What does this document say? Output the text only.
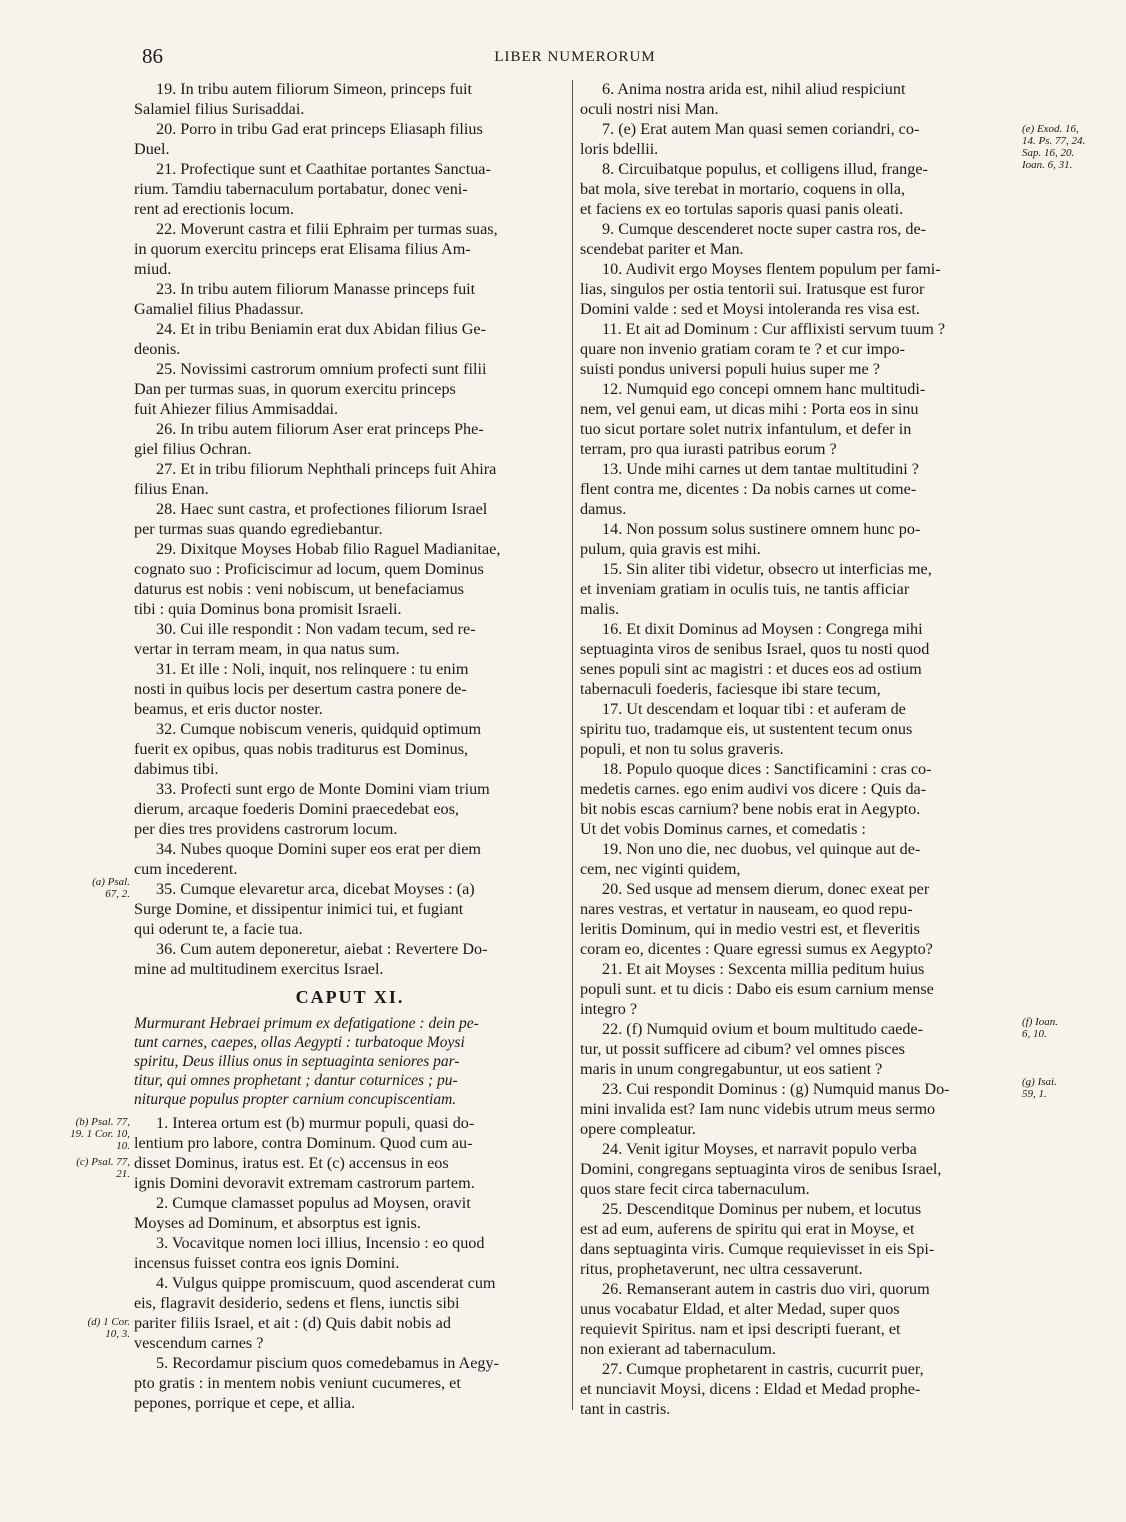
86	LIBER NUMERORUM

19. In tribu autem filiorum Simeon, princeps fuit
Salamiel filius Surisaddai.

20. Porro in tribu Gad erat princeps Eliasaph filius
Duel.

21. Profectique sunt et Caathitae portantes Sanctua-
rium. Tamdiu tabernaculum portabatur, donec veni-
rent ad erectionis locum.

22. Moverunt castra et filii Ephraim per turmas suas,
in quorum exercitu princeps erat Elisama filius Am-
miud.

23. In tribu autem filiorum Manasse princeps fuit
Gamaliel filius Phadassur.

24. Et in tribu Beniamin erat dux Abidan filius Ge-
deonis.

25. Novissimi castrorum omnium profecti sunt filii
Dan per turmas suas, in quorum exercitu princeps
fuit Ahiezer filius Ammisaddai.

26. In tribu autem filiorum Aser erat princeps Phe-
giel filius Ochran.

27. Et in tribu filiorum Nephthali princeps fuit Ahira
filius Enan.

28. Haec sunt castra, et profectiones filiorum Israel
per turmas suas quando egrediebantur.

29. Dixitque Moyses Hobab filio Raguel Madianitae,
cognato suo : Proficiscimur ad locum, quem Dominus
daturus est nobis : veni nobiscum, ut benefaciamus
tibi : quia Dominus bona promisit Israeli.

30. Cui ille respondit : Non vadam tecum, sed re-
vertar in terram meam, in qua natus sum.

31. Et ille : Noli, inquit, nos relinquere : tu enim
nosti in quibus locis per desertum castra ponere de-
beamus, et eris ductor noster.

32. Cumque nobiscum veneris, quidquid optimum
fuerit ex opibus, quas nobis traditurus est Dominus,
dabimus tibi.

33. Profecti sunt ergo de Monte Domini viam trium
dierum, arcaque foederis Domini praecedebat eos,
per dies tres providens castrorum locum.

34. Nubes quoque Domini super eos erat per diem
cum incederent.

35. Cumque elevaretur arca, dicebat Moyses : (a)
Surge Domine, et dissipentur inimici tui, et fugiant
qui oderunt te, a facie tua.

36. Cum autem deponeretur, aiebat : Revertere Do-
mine ad multitudinem exercitus Israel.

CAPUT XI.

Murmurant Hebraei primum ex defatigatione : dein pe-
tunt carnes, caepes, ollas Aegypti : turbatoque Moysi
spiritu, Deus illius onus in septuaginta seniores par-
titur, qui omnes prophetant ; dantur coturnices ; pu-
niturque populus propter carnium concupiscentiam.

1. Interea ortum est (b) murmur populi, quasi do-
lentium pro labore, contra Dominum. Quod cum au-
disset Dominus, iratus est. Et (c) accensus in eos
ignis Domini devoravit extremam castrorum partem.

2. Cumque clamasset populus ad Moysen, oravit
Moyses ad Dominum, et absorptus est ignis.

3. Vocavitque nomen loci illius, Incensio : eo quod
incensus fuisset contra eos ignis Domini.

4. Vulgus quippe promiscuum, quod ascenderat cum
eis, flagravit desiderio, sedens et flens, iunctis sibi
pariter filiis Israel, et ait : (d) Quis dabit nobis ad
vescendum carnes ?

5. Recordamur piscium quos comedebamus in Aegy-
pto gratis : in mentem nobis veniunt cucumeres, et
pepones, porrique et cepe, et allia.

6. Anima nostra arida est, nihil aliud respiciunt
oculi nostri nisi Man.

7. (e) Erat autem Man quasi semen coriandri, co-
loris bdellii.

8. Circuibatque populus, et colligens illud, frange-
bat mola, sive terebat in mortario, coquens in olla,
et faciens ex eo tortulas saporis quasi panis oleati.

9. Cumque descenderet nocte super castra ros, de-
scendebat pariter et Man.

10. Audivit ergo Moyses flentem populum per fami-
lias, singulos per ostia tentorii sui. Iratusque est furor
Domini valde : sed et Moysi intoleranda res visa est.

11. Et ait ad Dominum : Cur afflixisti servum tuum ?
quare non invenio gratiam coram te ? et cur impo-
suisti pondus universi populi huius super me ?

12. Numquid ego concepi omnem hanc multitudi-
nem, vel genui eam, ut dicas mihi : Porta eos in sinu
tuo sicut portare solet nutrix infantulum, et defer in
terram, pro qua iurasti patribus eorum ?

13. Unde mihi carnes ut dem tantae multitudini ?
flent contra me, dicentes : Da nobis carnes ut come-
damus.

14. Non possum solus sustinere omnem hunc po-
pulum, quia gravis est mihi.

15. Sin aliter tibi videtur, obsecro ut interficias me,
et inveniam gratiam in oculis tuis, ne tantis afficiar
malis.

16. Et dixit Dominus ad Moysen : Congrega mihi
septuaginta viros de senibus Israel, quos tu nosti quod
senes populi sint ac magistri : et duces eos ad ostium
tabernaculi foederis, faciesque ibi stare tecum,

17. Ut descendam et loquar tibi : et auferam de
spiritu tuo, tradamque eis, ut sustentent tecum onus
populi, et non tu solus graveris.

18. Populo quoque dices : Sanctificamini : cras co-
medetis carnes. ego enim audivi vos dicere : Quis da-
bit nobis escas carnium? bene nobis erat in Aegypto.
Ut det vobis Dominus carnes, et comedatis :

19. Non uno die, nec duobus, vel quinque aut de-
cem, nec viginti quidem,

20. Sed usque ad mensem dierum, donec exeat per
nares vestras, et vertatur in nauseam, eo quod repu-
leritis Dominum, qui in medio vestri est, et fleveritis
coram eo, dicentes : Quare egressi sumus ex Aegypto?

21. Et ait Moyses : Sexcenta millia peditum huius
populi sunt. et tu dicis : Dabo eis esum carnium mense
integro ?

22. (f) Numquid ovium et boum multitudo caede-
tur, ut possit sufficere ad cibum? vel omnes pisces
maris in unum congregabuntur, ut eos satient ?

23. Cui respondit Dominus : (g) Numquid manus Do-
mini invalida est? Iam nunc videbis utrum meus sermo
opere compleatur.

24. Venit igitur Moyses, et narravit populo verba
Domini, congregans septuaginta viros de senibus Israel,
quos stare fecit circa tabernaculum.

25. Descenditque Dominus per nubem, et locutus
est ad eum, auferens de spiritu qui erat in Moyse, et
dans septuaginta viris. Cumque requievisset in eis Spi-
ritus, prophetaverunt, nec ultra cessaverunt.

26. Remanserant autem in castris duo viri, quorum
unus vocabatur Eldad, et alter Medad, super quos
requievit Spiritus. nam et ipsi descripti fuerant, et
non exierant ad tabernaculum.

27. Cumque prophetarent in castris, cucurrit puer,
et nunciavit Moysi, dicens : Eldad et Medad prophe-
tant in castris.

(a) Psal.
67, 2.
(b) Psal. 77,
19. 1 Cor. 10,
10.
(c) Psal. 77,
21.
(d) 1 Cor.
10, 3.
(e) Exod. 16,
14. Ps. 77, 24.
Sap. 16, 20.
Ioan. 6, 31.
(f) Ioan.
6, 10.
(g) Isai.
59, 1.
